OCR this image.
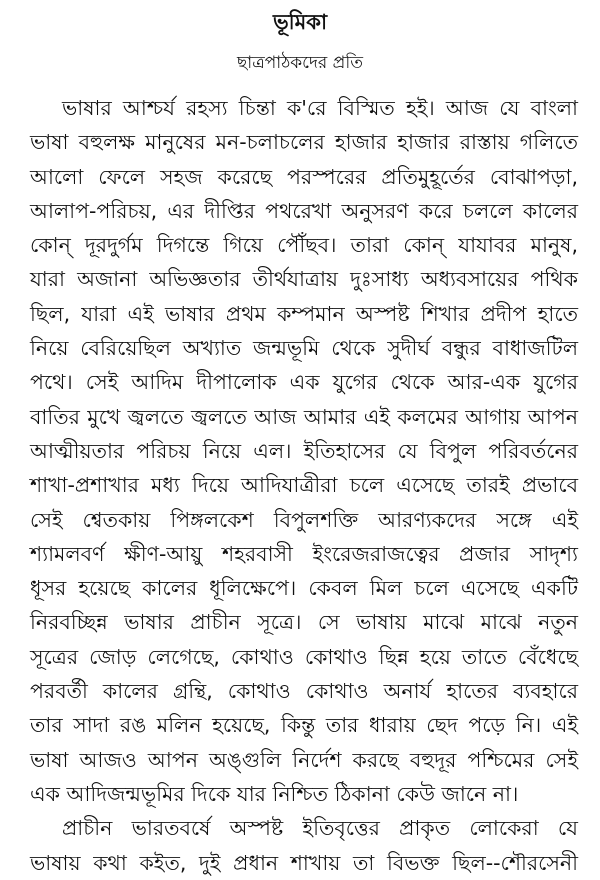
ভূমিকা
ছাত্রপাঠকদের প্রতি
ভাষার আশ্চর্য রহস্য চিন্তা ক'রে বিস্মিত হই। আজ যে বাংলা
ভাষা বহুলক্ষ মানুষের মন-চলাচলের হাজার হাজার রাস্তায় গলিতে
আলো ফেলে সহজ করেছে পরস্পরের প্রতিমুহূর্তের বোঝাপড়া,
আলাপ-পরিচয়, এর দীপ্তির পথরেখা অনুসরণ করে চললে কালের
কোন্ দূরদুর্গম দিগন্তে গিয়ে পৌঁছব। তারা কোন্ যাযাবর মানুষ,
যারা অজানা অভিজ্ঞতার তীর্থযাত্রায় দুঃসাধ্য অধ্যবসায়ের পথিক
ছিল, যারা এই ভাষার প্রথম কম্পমান অস্পষ্ট শিখার প্রদীপ হাতে
নিয়ে বেরিয়েছিল অখ্যাত জন্মভূমি থেকে সুদীর্ঘ বন্ধুর বাধাজটিল
পথে। সেই আদিম দীপালোক এক যুগের থেকে আর-এক যুগের
বাতির মুখে জ্বলতে জ্বলতে আজ আমার এই কলমের আগায় আপন
আত্মীয়তার পরিচয় নিয়ে এল। ইতিহাসের যে বিপুল পরিবর্তনের
শাখা-প্রশাখার মধ্য দিয়ে আদিযাত্রীরা চলে এসেছে তারই প্রভাবে
সেই শ্বেতকায় পিঙ্গলকেশ বিপুলশক্তি আরণ্যকদের সঙ্গে এই
শ্যামলবর্ণ ক্ষীণ-আয়ু শহরবাসী ইংরেজরাজত্বের প্রজার সাদৃশ্য
ধূসর হয়েছে কালের ধূলিক্ষেপে। কেবল মিল চলে এসেছে একটি
নিরবচ্ছিন্ন ভাষার প্রাচীন সূত্রে। সে ভাষায় মাঝে মাঝে নতুন
সূত্রের জোড় লেগেছে, কোথাও কোথাও ছিন্ন হয়ে তাতে বেঁধেছে
পরবর্তী কালের গ্রন্থি, কোথাও কোথাও অনার্য হাতের ব্যবহারে
তার সাদা রঙ মলিন হয়েছে, কিন্তু তার ধারায় ছেদ পড়ে নি। এই
ভাষা আজও আপন অঙ্গুলি নির্দেশ করছে বহুদূর পশ্চিমের সেই
এক আদিজন্মভূমির দিকে যার নিশ্চিত ঠিকানা কেউ জানে না।
প্রাচীন ভারতবর্ষে অস্পষ্ট ইতিবৃত্তের প্রাকৃত লোকেরা যে
ভাষায় কথা কইত, দুই প্রধান শাখায় তা বিভক্ত ছিল--শৌরসেনী
